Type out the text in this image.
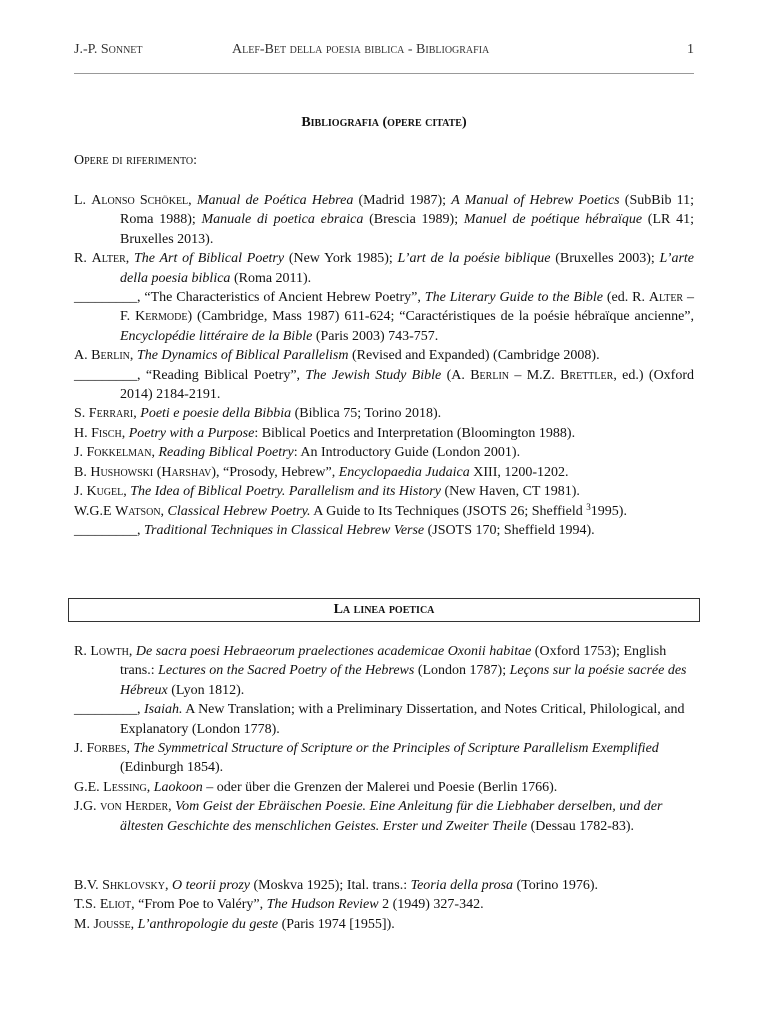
J.-P. Sonnet	Alef-Bet della poesia biblica - Bibliografia	1
Bibliografia (opere citate)
Opere di riferimento:

L. Alonso Schökel, Manual de Poética Hebrea (Madrid 1987); A Manual of Hebrew Poetics (SubBib 11; Roma 1988); Manuale di poetica ebraica (Brescia 1989); Manuel de poétique hébraïque (LR 41; Bruxelles 2013).

R. Alter, The Art of Biblical Poetry (New York 1985); L’art de la poésie biblique (Bruxelles 2003); L’arte della poesia biblica (Roma 2011).

_________, “The Characteristics of Ancient Hebrew Poetry”, The Literary Guide to the Bible (ed. R. Alter – F. Kermode) (Cambridge, Mass 1987) 611-624; “Caractéristiques de la poésie hébraïque ancienne”, Encyclopédie littéraire de la Bible (Paris 2003) 743-757.

A. Berlin, The Dynamics of Biblical Parallelism (Revised and Expanded) (Cambridge 2008).

_________, “Reading Biblical Poetry”, The Jewish Study Bible (A. Berlin – M.Z. Brettler, ed.) (Oxford 2014) 2184-2191.

S. Ferrari, Poeti e poesie della Bibbia (Biblica 75; Torino 2018).

H. Fisch, Poetry with a Purpose: Biblical Poetics and Interpretation (Bloomington 1988).

J. Fokkelman, Reading Biblical Poetry: An Introductory Guide (London 2001).

B. Hushowski (Harshav), “Prosody, Hebrew”, Encyclopaedia Judaica XIII, 1200-1202.

J. Kugel, The Idea of Biblical Poetry. Parallelism and its History (New Haven, CT 1981).

W.G.E Watson, Classical Hebrew Poetry. A Guide to Its Techniques (JSOTS 26; Sheffield $^3$1995).

_________, Traditional Techniques in Classical Hebrew Verse (JSOTS 170; Sheffield 1994).

La linea poetica

R. Lowth, De sacra poesi Hebraeorum praelectiones academicae Oxonii habitae (Oxford 1753); English trans.: Lectures on the Sacred Poetry of the Hebrews (London 1787); Leçons sur la poésie sacrée des Hébreux (Lyon 1812).

_________, Isaiah. A New Translation; with a Preliminary Dissertation, and Notes Critical, Philological, and Explanatory (London 1778).

J. Forbes, The Symmetrical Structure of Scripture or the Principles of Scripture Parallelism Exemplified (Edinburgh 1854).

G.E. Lessing, Laokoon – oder über die Grenzen der Malerei und Poesie (Berlin 1766).

J.G. von Herder, Vom Geist der Ebräischen Poesie. Eine Anleitung für die Liebhaber derselben, und der ältesten Geschichte des menschlichen Geistes. Erster und Zweiter Theile (Dessau 1782-83).

B.V. Shklovsky, O teorii prozy (Moskva 1925); Ital. trans.: Teoria della prosa (Torino 1976).

T.S. Eliot, “From Poe to Valéry”, The Hudson Review 2 (1949) 327-342.

M. Jousse, L’anthropologie du geste (Paris 1974 [1955]).
